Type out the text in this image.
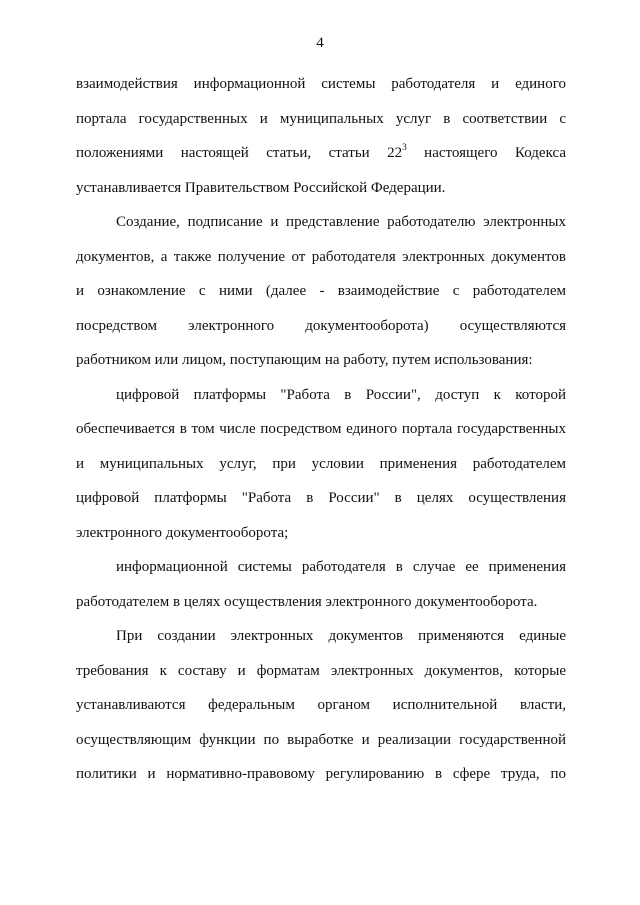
4
взаимодействия информационной системы работодателя и единого
портала государственных и муниципальных услуг в соответствии с
положениями настоящей статьи, статьи $22^3$ настоящего Кодекса
устанавливается Правительством Российской Федерации.
Создание, подписание и представление работодателю электронных
документов, а также получение от работодателя электронных документов
и ознакомление с ними (далее - взаимодействие с работодателем
посредством электронного документооборота) осуществляются
работником или лицом, поступающим на работу, путем использования:
цифровой платформы "Работа в России", доступ к которой
обеспечивается в том числе посредством единого портала государственных
и муниципальных услуг, при условии применения работодателем
цифровой платформы "Работа в России" в целях осуществления
электронного документооборота;
информационной системы работодателя в случае ее применения
работодателем в целях осуществления электронного документооборота.
При создании электронных документов применяются единые
требования к составу и форматам электронных документов, которые
устанавливаются федеральным органом исполнительной власти,
осуществляющим функции по выработке и реализации государственной
политики и нормативно-правовому регулированию в сфере труда, по
